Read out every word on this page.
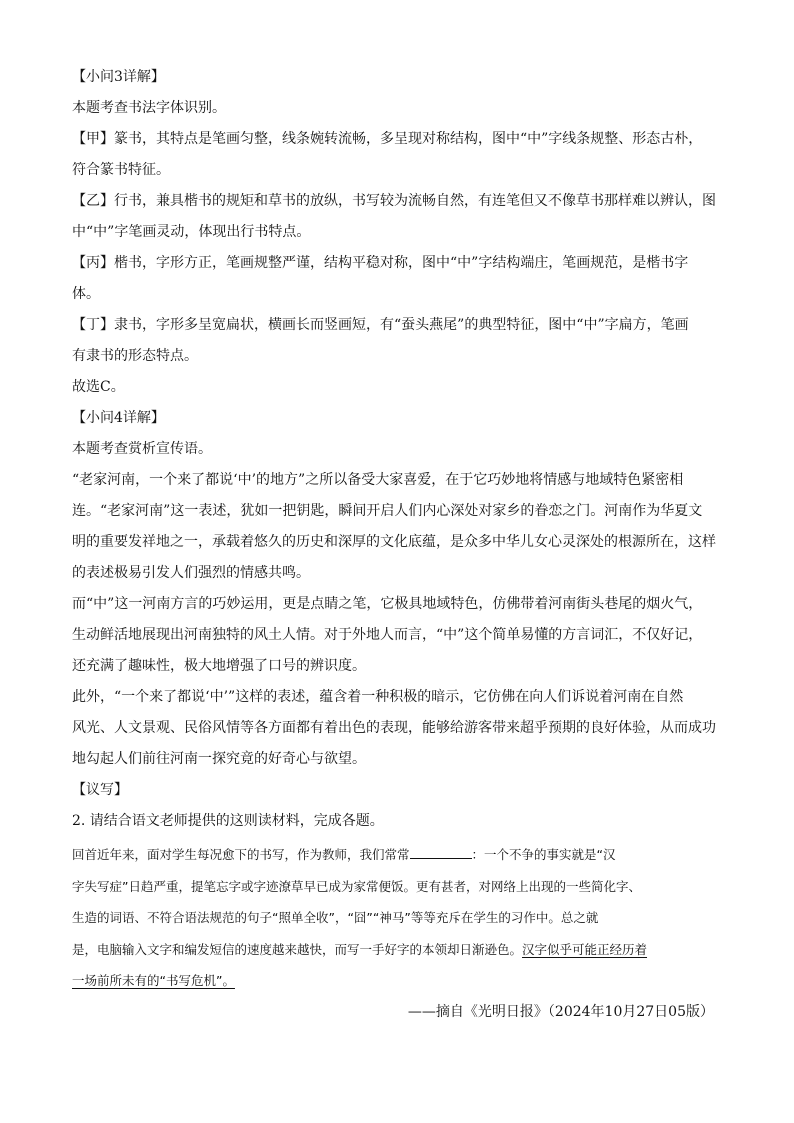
【小问3详解】

本题考查书法字体识别。

【甲】篆书，其特点是笔画匀整，线条婉转流畅，多呈现对称结构，图中“中”字线条规整、形态古朴，

符合篆书特征。

【乙】行书，兼具楷书的规矩和草书的放纵，书写较为流畅自然，有连笔但又不像草书那样难以辨认，图

中“中”字笔画灵动，体现出行书特点。

【丙】楷书，字形方正，笔画规整严谨，结构平稳对称，图中“中”字结构端庄，笔画规范，是楷书字

体。

【丁】隶书，字形多呈宽扁状，横画长而竖画短，有“蚕头燕尾”的典型特征，图中“中”字扁方，笔画

有隶书的形态特点。

故选C。

【小问4详解】

本题考查赏析宣传语。

“老家河南，一个来了都说‘中’的地方”之所以备受大家喜爱，在于它巧妙地将情感与地域特色紧密相

连。“老家河南”这一表述，犹如一把钥匙，瞬间开启人们内心深处对家乡的眷恋之门。河南作为华夏文

明的重要发祥地之一，承载着悠久的历史和深厚的文化底蕴，是众多中华儿女心灵深处的根源所在，这样

的表述极易引发人们强烈的情感共鸣。

而“中”这一河南方言的巧妙运用，更是点睛之笔，它极具地域特色，仿佛带着河南街头巷尾的烟火气，

生动鲜活地展现出河南独特的风土人情。对于外地人而言，“中”这个简单易懂的方言词汇，不仅好记，

还充满了趣味性，极大地增强了口号的辨识度。

此外，“一个来了都说‘中’”这样的表述，蕴含着一种积极的暗示，它仿佛在向人们诉说着河南在自然

风光、人文景观、民俗风情等各方面都有着出色的表现，能够给游客带来超乎预期的良好体验，从而成功

地勾起人们前往河南一探究竟的好奇心与欲望。

【议写】

2. 请结合语文老师提供的这则读材料，完成各题。

回首近年来，面对学生每况愈下的书写，作为教师，我们常常	：一个不争的事实就是“汉

字失写症”日趋严重，提笔忘字或字迹潦草早已成为家常便饭。更有甚者，对网络上出现的一些简化字、

生造的词语、不符合语法规范的句子“照单全收”，“囧”“神马”等等充斥在学生的习作中。总之就

是，电脑输入文字和编发短信的速度越来越快，而写一手好字的本领却日渐逊色。汉字似乎可能正经历着

一场前所未有的“书写危机”。

——摘自《光明日报》（2024年10月27日05版）
